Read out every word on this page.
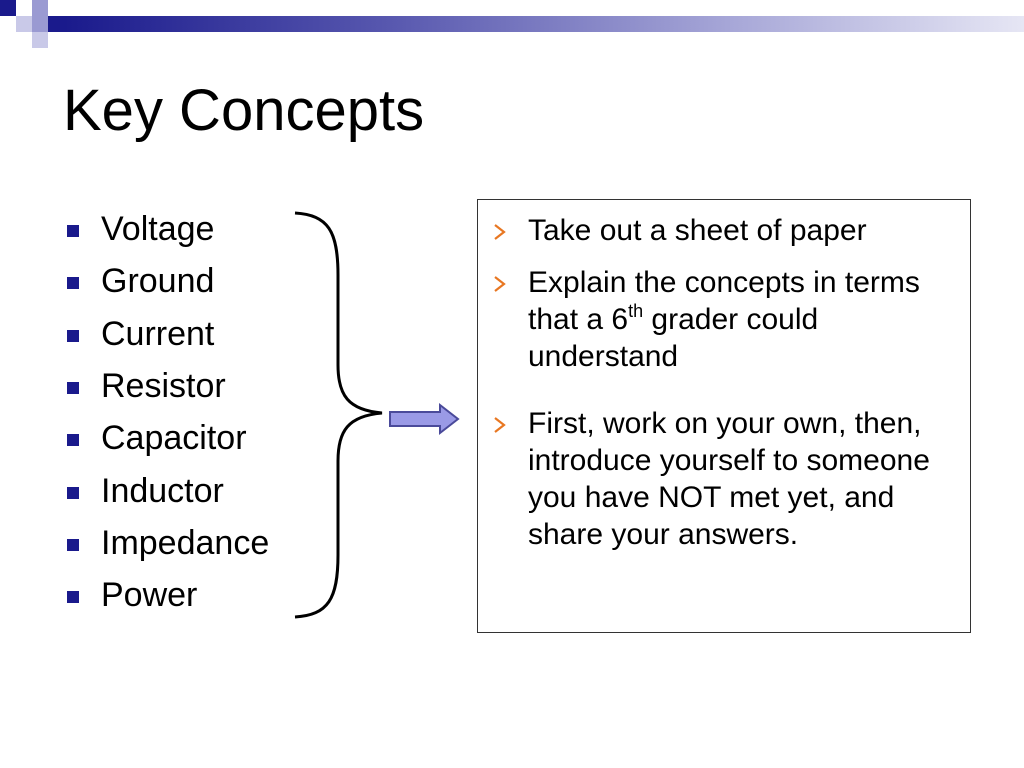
Key Concepts
Voltage
Ground
Current
Resistor
Capacitor
Inductor
Impedance
Power
Take out a sheet of paper
Explain the concepts in terms that a 6th grader could understand
First, work on your own, then, introduce yourself to someone you have NOT met yet, and share your answers.
